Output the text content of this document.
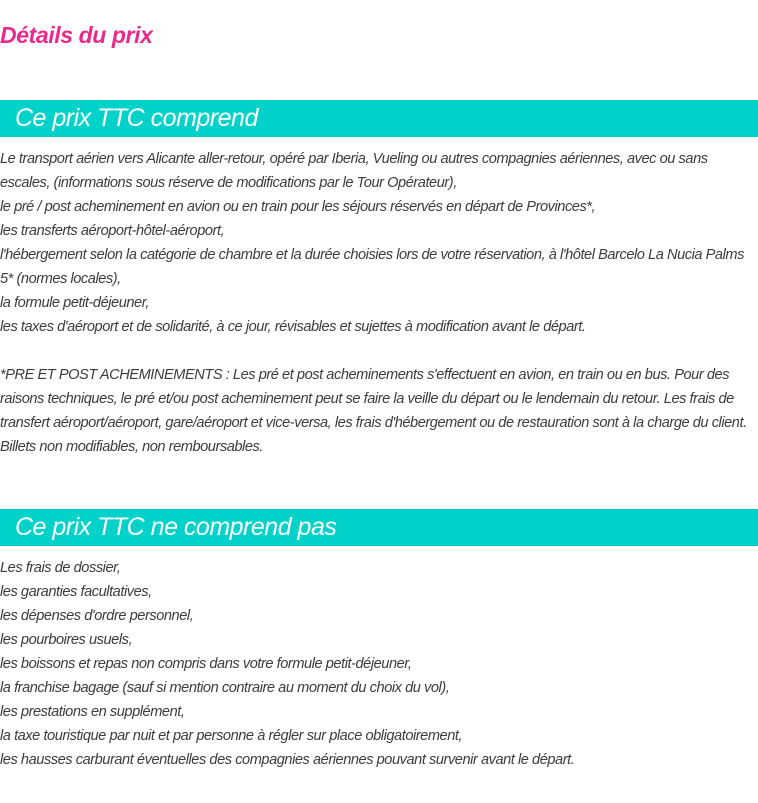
Détails du prix
Ce prix TTC comprend

Le transport aérien vers Alicante aller-retour, opéré par Iberia, Vueling ou autres compagnies aériennes, avec ou sans escales, (informations sous réserve de modifications par le Tour Opérateur),

le pré / post acheminement en avion ou en train pour les séjours réservés en départ de Provinces*,

les transferts aéroport-hôtel-aéroport,

l'hébergement selon la catégorie de chambre et la durée choisies lors de votre réservation, à l'hôtel Barcelo La Nucia Palms 5* (normes locales),

la formule petit-déjeuner,

les taxes d'aéroport et de solidarité, à ce jour, révisables et sujettes à modification avant le départ.

*PRE ET POST ACHEMINEMENTS : Les pré et post acheminements s'effectuent en avion, en train ou en bus. Pour des raisons techniques, le pré et/ou post acheminement peut se faire la veille du départ ou le lendemain du retour. Les frais de transfert aéroport/aéroport, gare/aéroport et vice-versa, les frais d'hébergement ou de restauration sont à la charge du client. Billets non modifiables, non remboursables.

Ce prix TTC ne comprend pas

Les frais de dossier,

les garanties facultatives,

les dépenses d'ordre personnel,

les pourboires usuels,

les boissons et repas non compris dans votre formule petit-déjeuner,

la franchise bagage (sauf si mention contraire au moment du choix du vol),

les prestations en supplément,

la taxe touristique par nuit et par personne à régler sur place obligatoirement,

les hausses carburant éventuelles des compagnies aériennes pouvant survenir avant le départ.
